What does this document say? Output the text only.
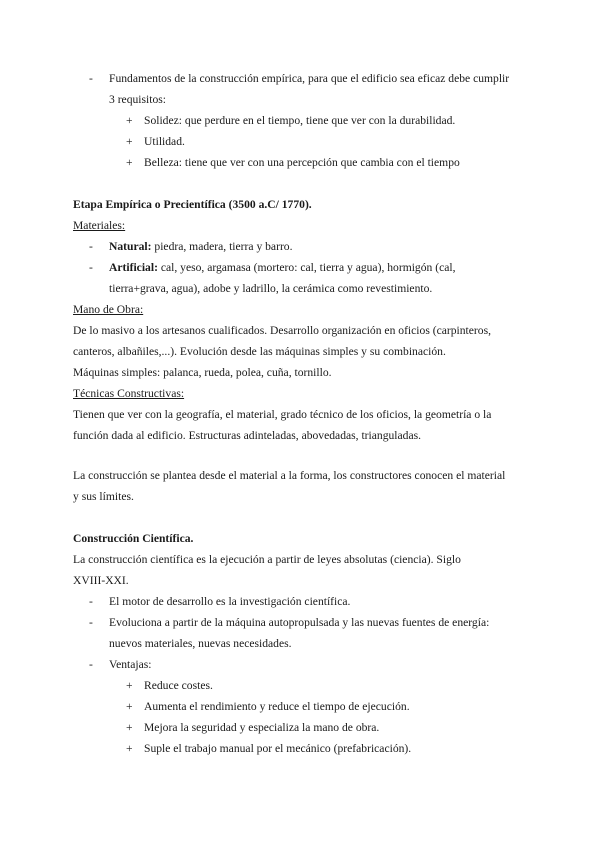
- Fundamentos de la construcción empírica, para que el edificio sea eficaz debe cumplir
3 requisitos:
+ Solidez: que perdure en el tiempo, tiene que ver con la durabilidad.
+ Utilidad.
+ Belleza: tiene que ver con una percepción que cambia con el tiempo
Etapa Empírica o Precientífica (3500 a.C/ 1770).
Materiales:
- Natural: piedra, madera, tierra y barro.
- Artificial: cal, yeso, argamasa (mortero: cal, tierra y agua), hormigón (cal,
tierra+grava, agua), adobe y ladrillo, la cerámica como revestimiento.
Mano de Obra:
De lo masivo a los artesanos cualificados. Desarrollo organización en oficios (carpinteros,
canteros, albañiles,...). Evolución desde las máquinas simples y su combinación.
Máquinas simples: palanca, rueda, polea, cuña, tornillo.
Técnicas Constructivas:
Tienen que ver con la geografía, el material, grado técnico de los oficios, la geometría o la
función dada al edificio. Estructuras adinteladas, abovedadas, trianguladas.
La construcción se plantea desde el material a la forma, los constructores conocen el material
y sus límites.
Construcción Científica.
La construcción científica es la ejecución a partir de leyes absolutas (ciencia). Siglo
XVIII-XXI.
- El motor de desarrollo es la investigación científica.
- Evoluciona a partir de la máquina autopropulsada y las nuevas fuentes de energía:
nuevos materiales, nuevas necesidades.
- Ventajas:
+ Reduce costes.
+ Aumenta el rendimiento y reduce el tiempo de ejecución.
+ Mejora la seguridad y especializa la mano de obra.
+ Suple el trabajo manual por el mecánico (prefabricación).
